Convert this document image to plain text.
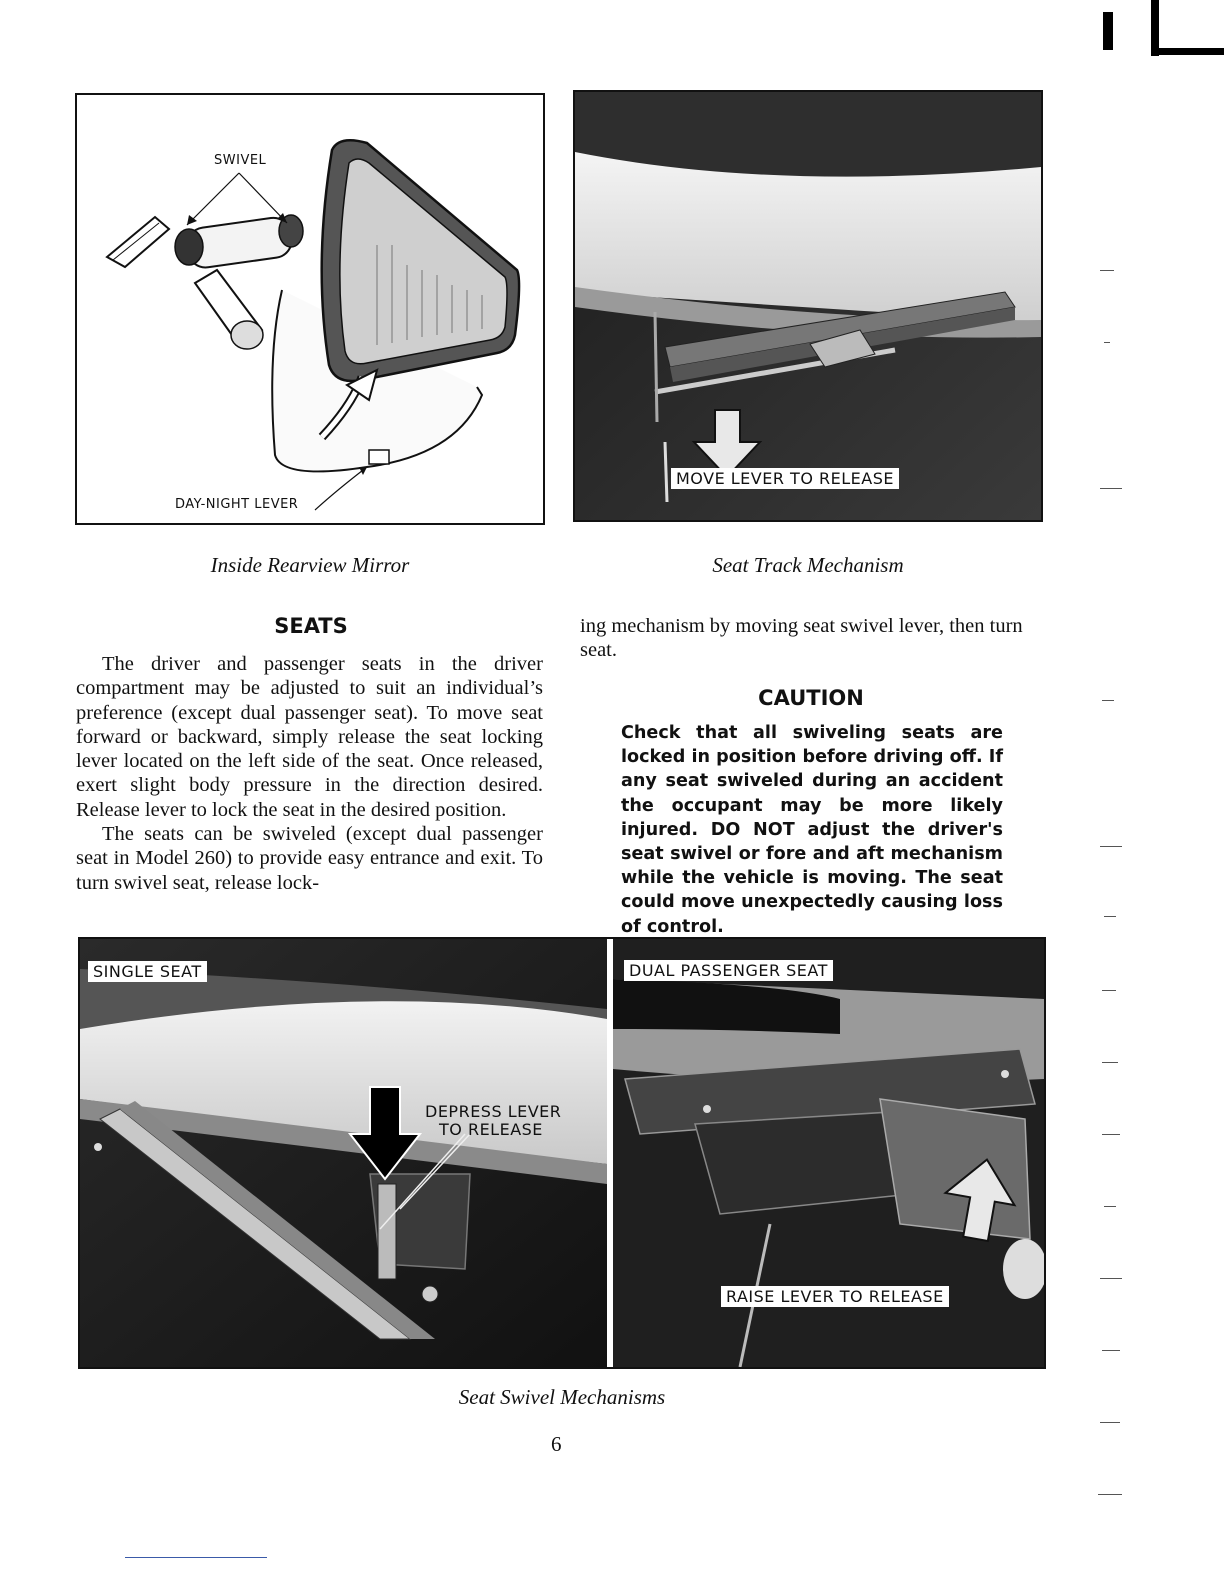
SWIVEL
DAY-NIGHT LEVER
Inside Rearview Mirror
MOVE LEVER TO RELEASE
Seat Track Mechanism
SEATS

The driver and passenger seats in the driver compartment may be adjusted to suit an individual’s preference (except dual passenger seat). To move seat forward or backward, simply release the seat locking lever located on the left side of the seat. Once released, exert slight body pressure in the direction desired. Release lever to lock the seat in the desired position.

The seats can be swiveled (except dual passenger seat in Model 260) to provide easy entrance and exit. To turn swivel seat, release lock-

ing mechanism by moving seat swivel lever, then turn seat.

CAUTION
Check that all swiveling seats are locked in position before driving off. If any seat swiveled during an accident the occupant may be more likely injured. DO NOT adjust the driver's seat swivel or fore and aft mechanism while the vehicle is moving. The seat could move unexpectedly causing loss of control.
SINGLE SEAT
DEPRESS LEVER
TO RELEASE
DUAL PASSENGER SEAT
RAISE LEVER TO RELEASE
Seat Swivel Mechanisms
6
